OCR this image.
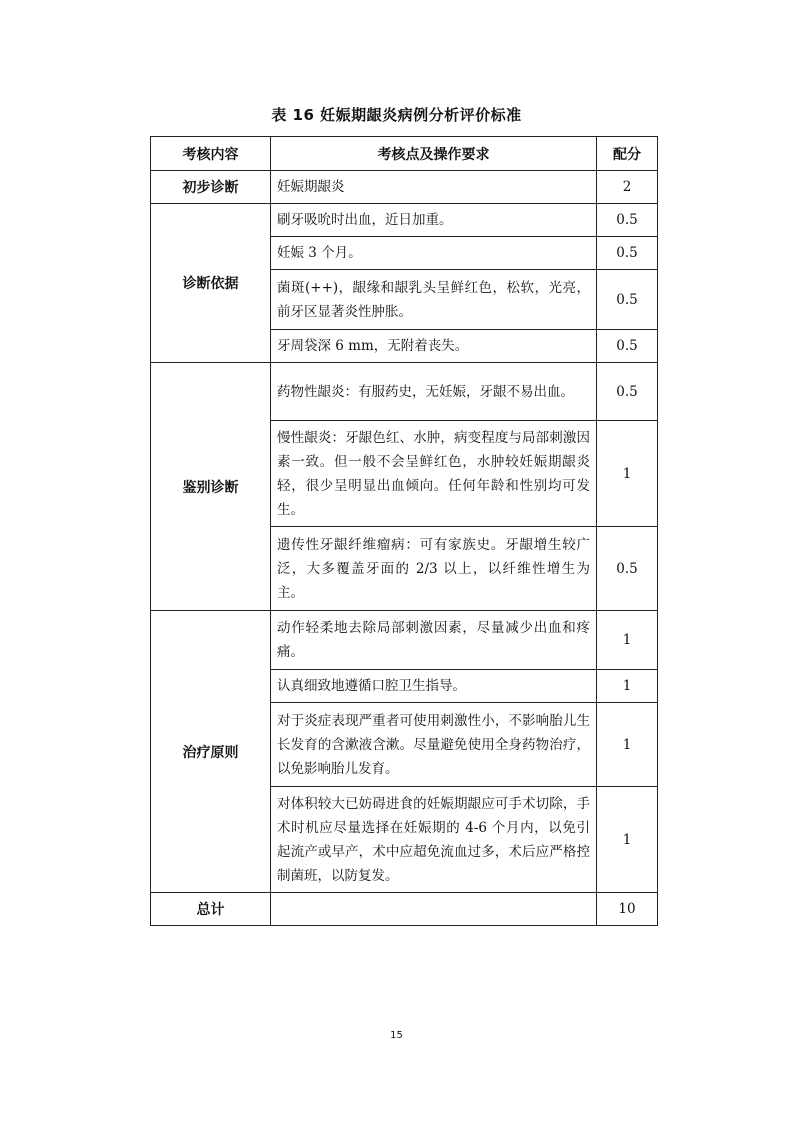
表 16 妊娠期龈炎病例分析评价标准
考核内容	考核点及操作要求	配分
初步诊断	妊娠期龈炎	2
诊断依据	刷牙吸吮时出血，近日加重。	0.5
	妊娠 3 个月。	0.5
	菌斑(++)，龈缘和龈乳头呈鲜红色，松软，光亮，前牙区显著炎性肿胀。	0.5
	牙周袋深 6 mm，无附着丧失。	0.5
鉴别诊断	药物性龈炎：有服药史，无妊娠，牙龈不易出血。	0.5
	慢性龈炎：牙龈色红、水肿，病变程度与局部刺激因素一致。但一般不会呈鲜红色，水肿较妊娠期龈炎轻，很少呈明显出血倾向。任何年龄和性别均可发生。	1
	遗传性牙龈纤维瘤病：可有家族史。牙龈增生较广泛，大多覆盖牙面的 2/3 以上，以纤维性增生为主。	0.5
治疗原则	动作轻柔地去除局部刺激因素，尽量减少出血和疼痛。	1
	认真细致地遵循口腔卫生指导。	1
	对于炎症表现严重者可使用刺激性小，不影响胎儿生长发育的含漱液含漱。尽量避免使用全身药物治疗，以免影响胎儿发育。	1
	对体积较大已妨碍进食的妊娠期龈应可手术切除，手术时机应尽量选择在妊娠期的 4-6 个月内，以免引起流产或早产，术中应超免流血过多，术后应严格控制菌班，以防复发。	1
总计		10
15
